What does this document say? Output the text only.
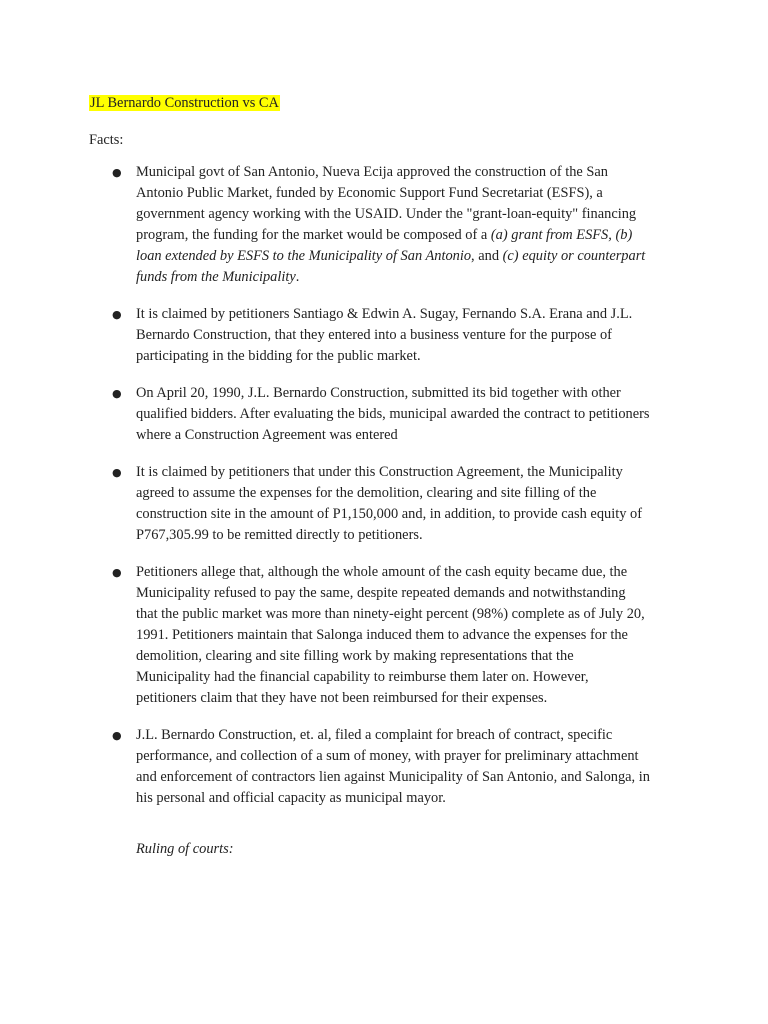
JL Bernardo Construction vs CA

Facts:

● Municipal govt of San Antonio, Nueva Ecija approved the construction of the San Antonio Public Market, funded by Economic Support Fund Secretariat (ESFS), a government agency working with the USAID. Under the "grant-loan-equity" financing program, the funding for the market would be composed of a (a) grant from ESFS, (b) loan extended by ESFS to the Municipality of San Antonio, and (c) equity or counterpart funds from the Municipality.
● It is claimed by petitioners Santiago & Edwin A. Sugay, Fernando S.A. Erana and J.L. Bernardo Construction, that they entered into a business venture for the purpose of participating in the bidding for the public market.
● On April 20, 1990, J.L. Bernardo Construction, submitted its bid together with other qualified bidders. After evaluating the bids, municipal awarded the contract to petitioners where a Construction Agreement was entered
● It is claimed by petitioners that under this Construction Agreement, the Municipality agreed to assume the expenses for the demolition, clearing and site filling of the construction site in the amount of P1,150,000 and, in addition, to provide cash equity of P767,305.99 to be remitted directly to petitioners.
● Petitioners allege that, although the whole amount of the cash equity became due, the Municipality refused to pay the same, despite repeated demands and notwithstanding that the public market was more than ninety-eight percent (98%) complete as of July 20, 1991. Petitioners maintain that Salonga induced them to advance the expenses for the demolition, clearing and site filling work by making representations that the Municipality had the financial capability to reimburse them later on. However, petitioners claim that they have not been reimbursed for their expenses.
● J.L. Bernardo Construction, et. al, filed a complaint for breach of contract, specific performance, and collection of a sum of money, with prayer for preliminary attachment and enforcement of contractors lien against Municipality of San Antonio, and Salonga, in his personal and official capacity as municipal mayor.

Ruling of courts:
